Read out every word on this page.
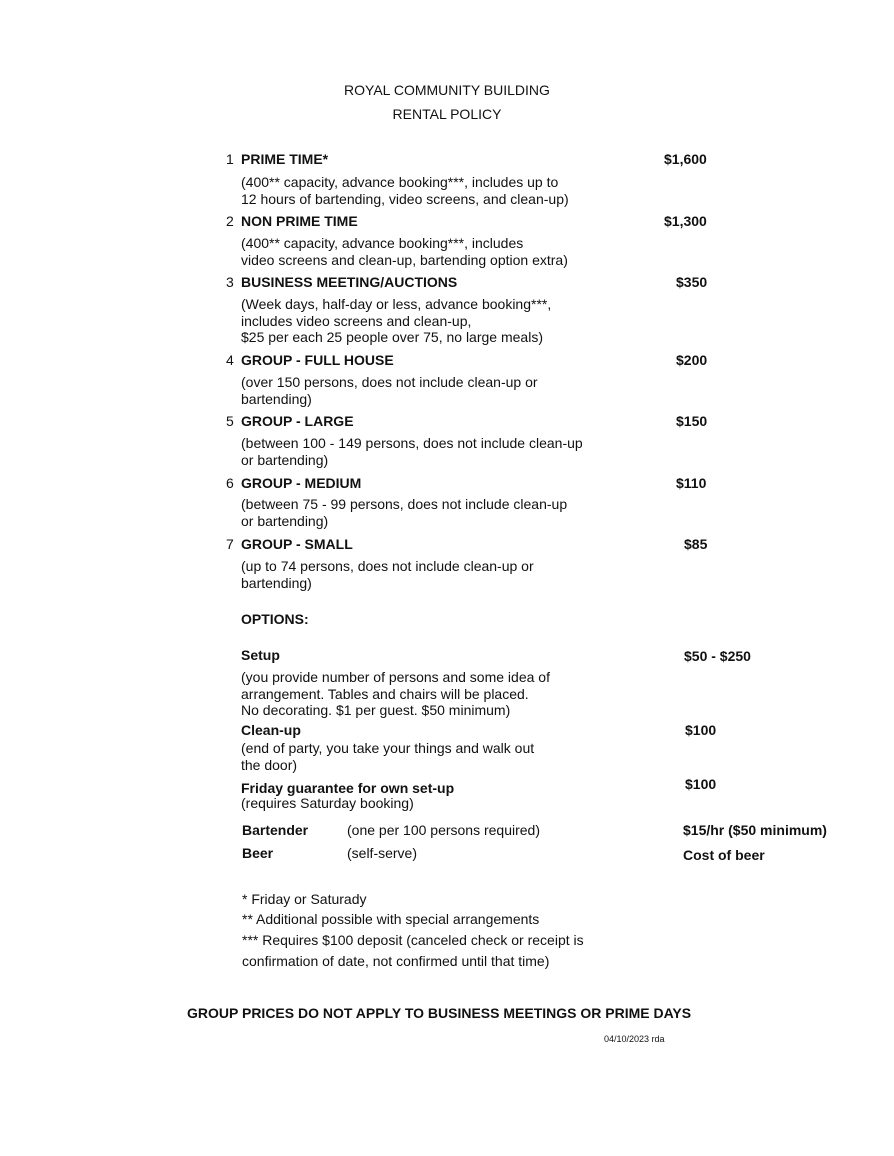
ROYAL COMMUNITY BUILDING
RENTAL POLICY
1 PRIME TIME*	$1,600
(400** capacity, advance booking***, includes up to
12 hours of bartending, video screens, and clean-up)
2 NON PRIME TIME	$1,300
(400** capacity, advance booking***, includes
video screens and clean-up, bartending option extra)
3 BUSINESS MEETING/AUCTIONS	$350
(Week days, half-day or less, advance booking***,
includes video screens and clean-up,
$25 per each 25 people over 75, no large meals)
4 GROUP - FULL HOUSE	$200
(over 150 persons, does not include clean-up or
bartending)
5 GROUP - LARGE	$150
(between 100 - 149 persons, does not include clean-up
or bartending)
6 GROUP - MEDIUM	$110
(between 75 - 99 persons, does not include clean-up
or bartending)
7 GROUP - SMALL	$85
(up to 74 persons, does not include clean-up or
bartending)
OPTIONS:
Setup	$50 - $250
(you provide number of persons and some idea of
arrangement. Tables and chairs will be placed.
No decorating. $1 per guest. $50 minimum)
Clean-up	$100
(end of party, you take your things and walk out
the door)
Friday guarantee for own set-up	$100
(requires Saturday booking)
Bartender	(one per 100 persons required)	$15/hr ($50 minimum)
Beer	(self-serve)	Cost of beer
* Friday or Saturady
** Additional possible with special arrangements
*** Requires $100 deposit (canceled check or receipt is
confirmation of date, not confirmed until that time)
GROUP PRICES DO NOT APPLY TO BUSINESS MEETINGS OR PRIME DAYS
04/10/2023 rda
